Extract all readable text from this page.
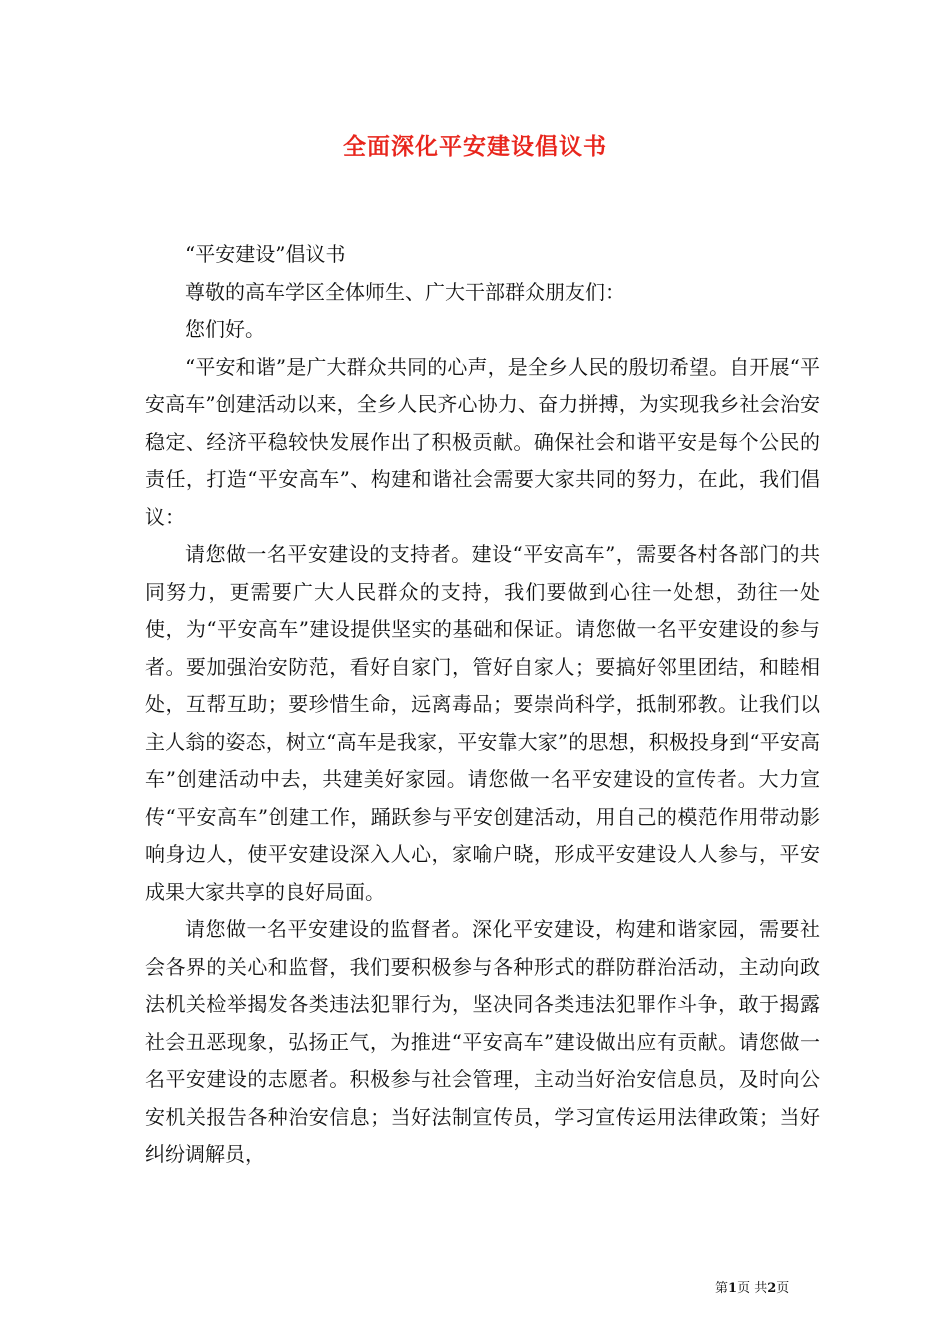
全面深化平安建设倡议书

“平安建设”倡议书

尊敬的高车学区全体师生、广大干部群众朋友们：

您们好。

“平安和谐”是广大群众共同的心声，是全乡人民的殷切希望。自开展“平安高车”创建活动以来，全乡人民齐心协力、奋力拼搏，为实现我乡社会治安稳定、经济平稳较快发展作出了积极贡献。确保社会和谐平安是每个公民的责任，打造“平安高车”、构建和谐社会需要大家共同的努力，在此，我们倡议：

请您做一名平安建设的支持者。建设“平安高车”，需要各村各部门的共同努力，更需要广大人民群众的支持，我们要做到心往一处想，劲往一处使，为“平安高车”建设提供坚实的基础和保证。请您做一名平安建设的参与者。要加强治安防范，看好自家门，管好自家人；要搞好邻里团结，和睦相处，互帮互助；要珍惜生命，远离毒品；要崇尚科学，抵制邪教。让我们以主人翁的姿态，树立“高车是我家，平安靠大家”的思想，积极投身到“平安高车”创建活动中去，共建美好家园。请您做一名平安建设的宣传者。大力宣传“平安高车”创建工作，踊跃参与平安创建活动，用自己的模范作用带动影响身边人，使平安建设深入人心，家喻户晓，形成平安建设人人参与，平安成果大家共享的良好局面。

请您做一名平安建设的监督者。深化平安建设，构建和谐家园，需要社会各界的关心和监督，我们要积极参与各种形式的群防群治活动，主动向政法机关检举揭发各类违法犯罪行为，坚决同各类违法犯罪作斗争，敢于揭露社会丑恶现象，弘扬正气，为推进“平安高车”建设做出应有贡献。请您做一名平安建设的志愿者。积极参与社会管理，主动当好治安信息员，及时向公安机关报告各种治安信息；当好法制宣传员，学习宣传运用法律政策；当好纠纷调解员，

第1页 共2页
